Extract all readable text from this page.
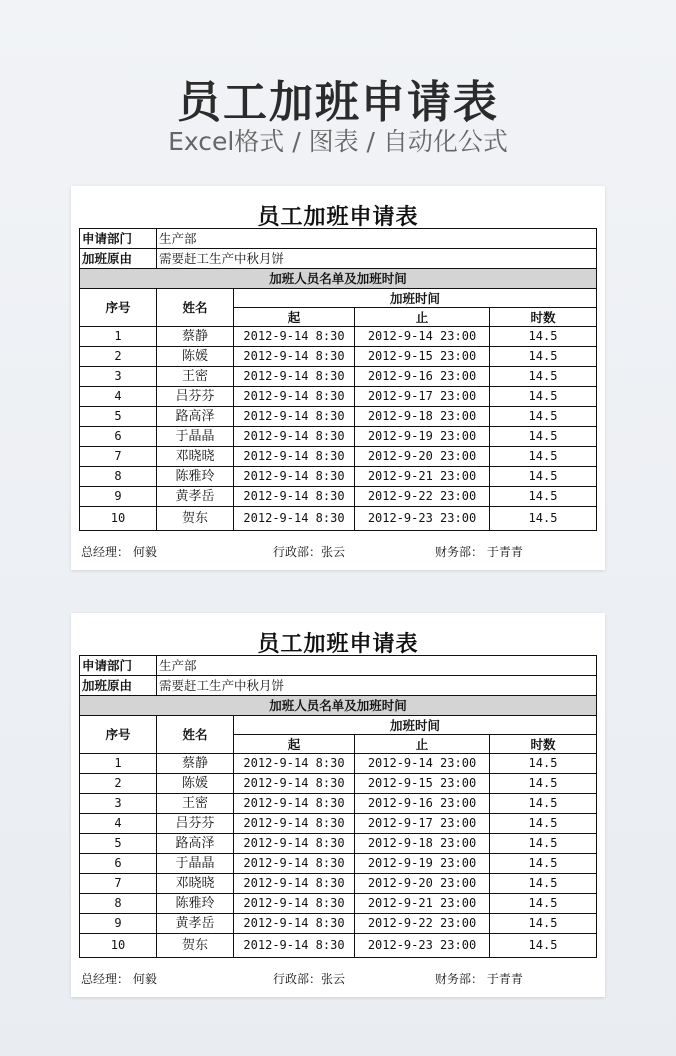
员工加班申请表
Excel格式 / 图表 / 自动化公式
员工加班申请表
申请部门	生产部			
加班原由	需要赶工生产中秋月饼			
加班人员名单及加班时间				
序号	姓名	加班时间		
		起	止	时数
1	蔡静	2012-9-14 8:30	2012-9-14 23:00	14.5
2	陈媛	2012-9-14 8:30	2012-9-15 23:00	14.5
3	王密	2012-9-14 8:30	2012-9-16 23:00	14.5
4	吕芬芬	2012-9-14 8:30	2012-9-17 23:00	14.5
5	路高泽	2012-9-14 8:30	2012-9-18 23:00	14.5
6	于晶晶	2012-9-14 8:30	2012-9-19 23:00	14.5
7	邓晓晓	2012-9-14 8:30	2012-9-20 23:00	14.5
8	陈雅玲	2012-9-14 8:30	2012-9-21 23:00	14.5
9	黄孝岳	2012-9-14 8:30	2012-9-22 23:00	14.5
10	贺东	2012-9-14 8:30	2012-9-23 23:00	14.5
总经理： 何毅	行政部：张云	财务部： 于青青
员工加班申请表
申请部门	生产部			
加班原由	需要赶工生产中秋月饼			
加班人员名单及加班时间				
序号	姓名	加班时间		
		起	止	时数
1	蔡静	2012-9-14 8:30	2012-9-14 23:00	14.5
2	陈媛	2012-9-14 8:30	2012-9-15 23:00	14.5
3	王密	2012-9-14 8:30	2012-9-16 23:00	14.5
4	吕芬芬	2012-9-14 8:30	2012-9-17 23:00	14.5
5	路高泽	2012-9-14 8:30	2012-9-18 23:00	14.5
6	于晶晶	2012-9-14 8:30	2012-9-19 23:00	14.5
7	邓晓晓	2012-9-14 8:30	2012-9-20 23:00	14.5
8	陈雅玲	2012-9-14 8:30	2012-9-21 23:00	14.5
9	黄孝岳	2012-9-14 8:30	2012-9-22 23:00	14.5
10	贺东	2012-9-14 8:30	2012-9-23 23:00	14.5
总经理： 何毅	行政部：张云	财务部： 于青青
